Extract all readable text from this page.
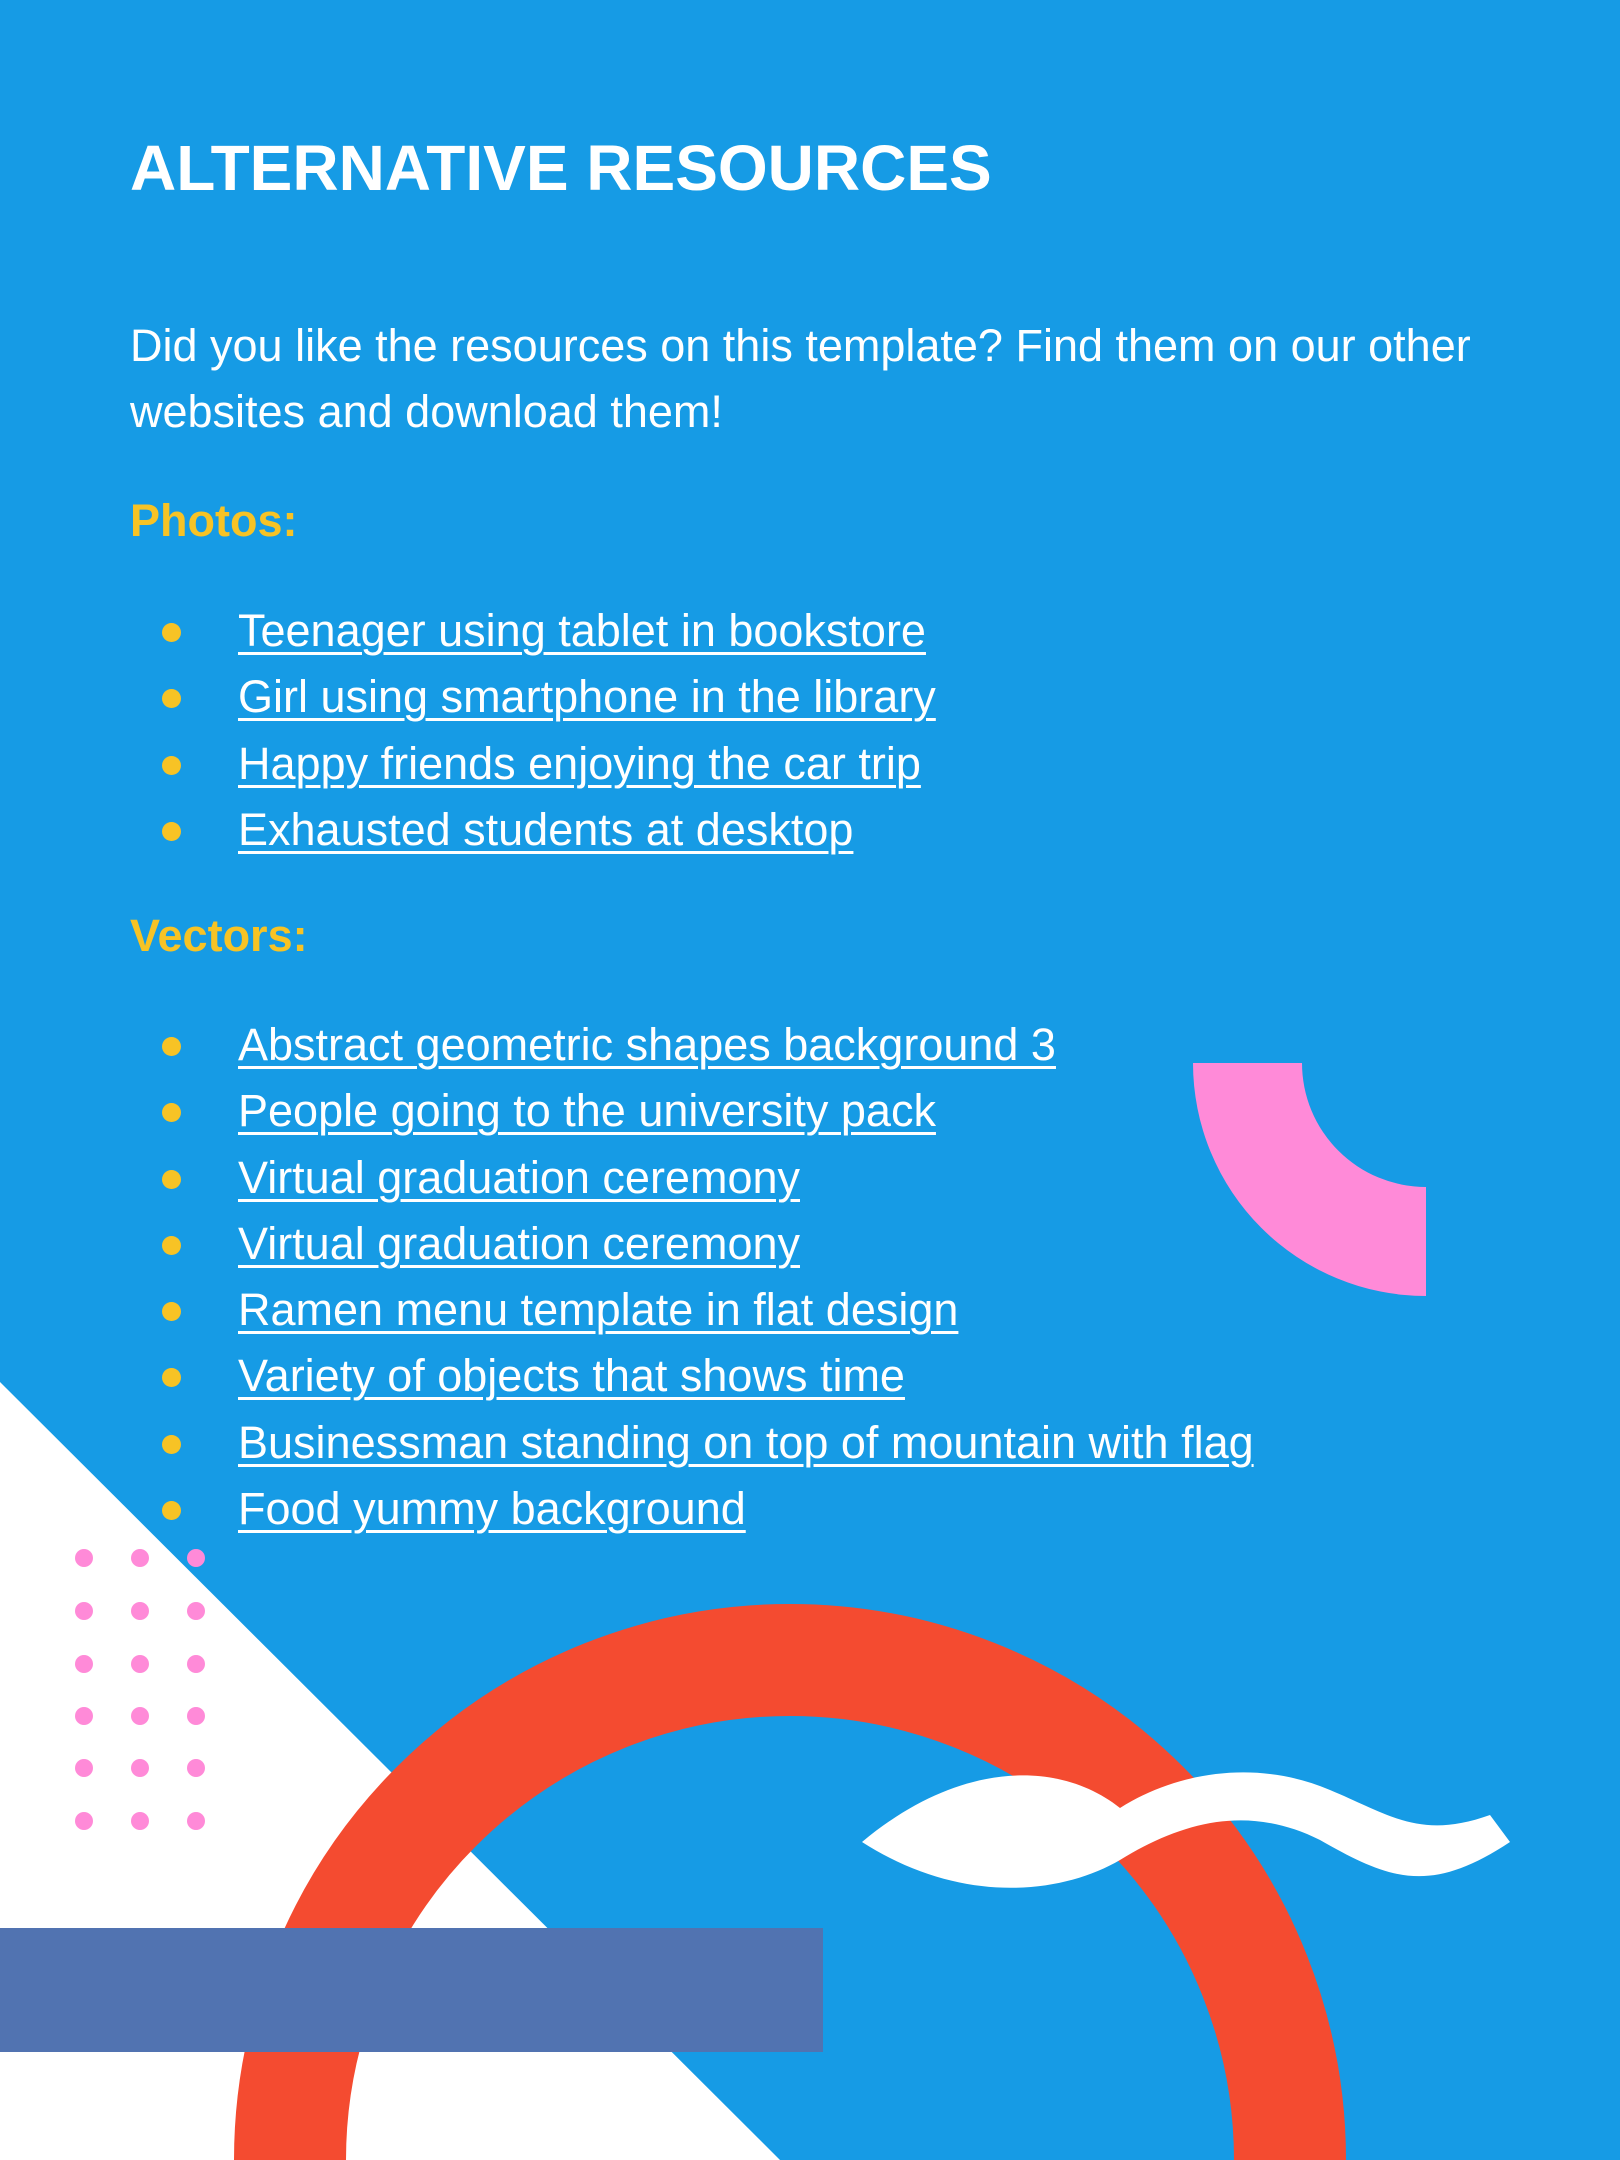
ALTERNATIVE RESOURCES

Did you like the resources on this template? Find them on our other websites and download them!

Photos:
Teenager using tablet in bookstore
Girl using smartphone in the library
Happy friends enjoying the car trip
Exhausted students at desktop
Vectors:
Abstract geometric shapes background 3
People going to the university pack
Virtual graduation ceremony
Virtual graduation ceremony
Ramen menu template in flat design
Variety of objects that shows time
Businessman standing on top of mountain with flag
Food yummy background
